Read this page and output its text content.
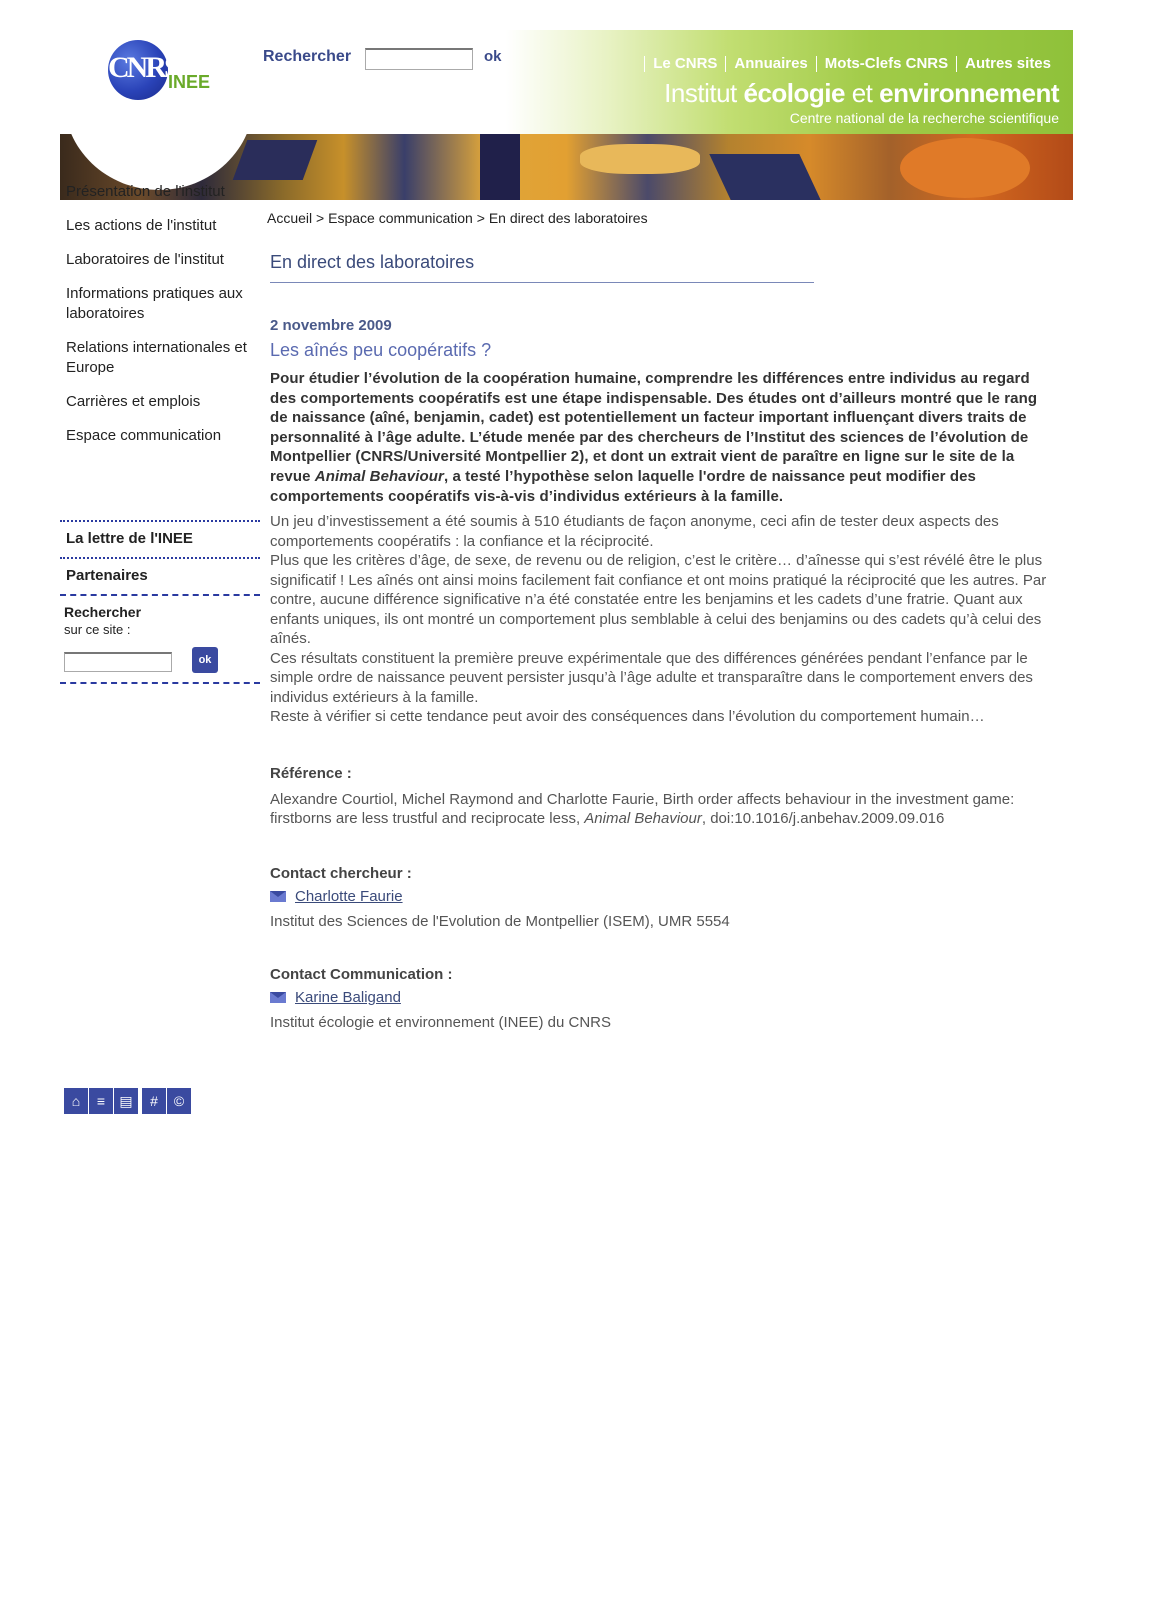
CNRS
INEE
Rechercher	ok	Le CNRS	Annuaires	Mots-Clefs CNRS	Autres sites
Institut écologie et environnement
Centre national de la recherche scientifique
Présentation de l'institut
Les actions de l'institut
Laboratoires de l'institut
Informations pratiques aux laboratoires
Relations internationales et Europe
Carrières et emplois
Espace communication
La lettre de l'INEE
Partenaires
Rechercher
sur ce site :
ok
⌂	≡	▤	#	©
Accueil > Espace communication > En direct des laboratoires
En direct des laboratoires
2 novembre 2009
Les aînés peu coopératifs ?
Pour étudier l’évolution de la coopération humaine, comprendre les différences entre individus au regard des comportements coopératifs est une étape indispensable. Des études ont d’ailleurs montré que le rang de naissance (aîné, benjamin, cadet) est potentiellement un facteur important influençant divers traits de personnalité à l’âge adulte. L’étude menée par des chercheurs de l’Institut des sciences de l’évolution de Montpellier (CNRS/Université Montpellier 2), et dont un extrait vient de paraître en ligne sur le site de la revue Animal Behaviour, a testé l’hypothèse selon laquelle l'ordre de naissance peut modifier des comportements coopératifs vis-à-vis d’individus extérieurs à la famille.

Un jeu d’investissement a été soumis à 510 étudiants de façon anonyme, ceci afin de tester deux aspects des comportements coopératifs : la confiance et la réciprocité.

Plus que les critères d’âge, de sexe, de revenu ou de religion, c’est le critère… d’aînesse qui s’est révélé être le plus significatif ! Les aînés ont ainsi moins facilement fait confiance et ont moins pratiqué la réciprocité que les autres. Par contre, aucune différence significative n’a été constatée entre les benjamins et les cadets d’une fratrie. Quant aux enfants uniques, ils ont montré un comportement plus semblable à celui des benjamins ou des cadets qu’à celui des aînés.

Ces résultats constituent la première preuve expérimentale que des différences générées pendant l’enfance par le simple ordre de naissance peuvent persister jusqu’à l’âge adulte et transparaître dans le comportement envers des individus extérieurs à la famille.

Reste à vérifier si cette tendance peut avoir des conséquences dans l’évolution du comportement humain…

Référence :
Alexandre Courtiol, Michel Raymond and Charlotte Faurie, Birth order affects behaviour in the investment game: firstborns are less trustful and reciprocate less, Animal Behaviour, doi:10.1016/j.anbehav.2009.09.016
Contact chercheur :
Charlotte Faurie
Institut des Sciences de l'Evolution de Montpellier (ISEM), UMR 5554
Contact Communication :
Karine Baligand
Institut écologie et environnement (INEE) du CNRS
